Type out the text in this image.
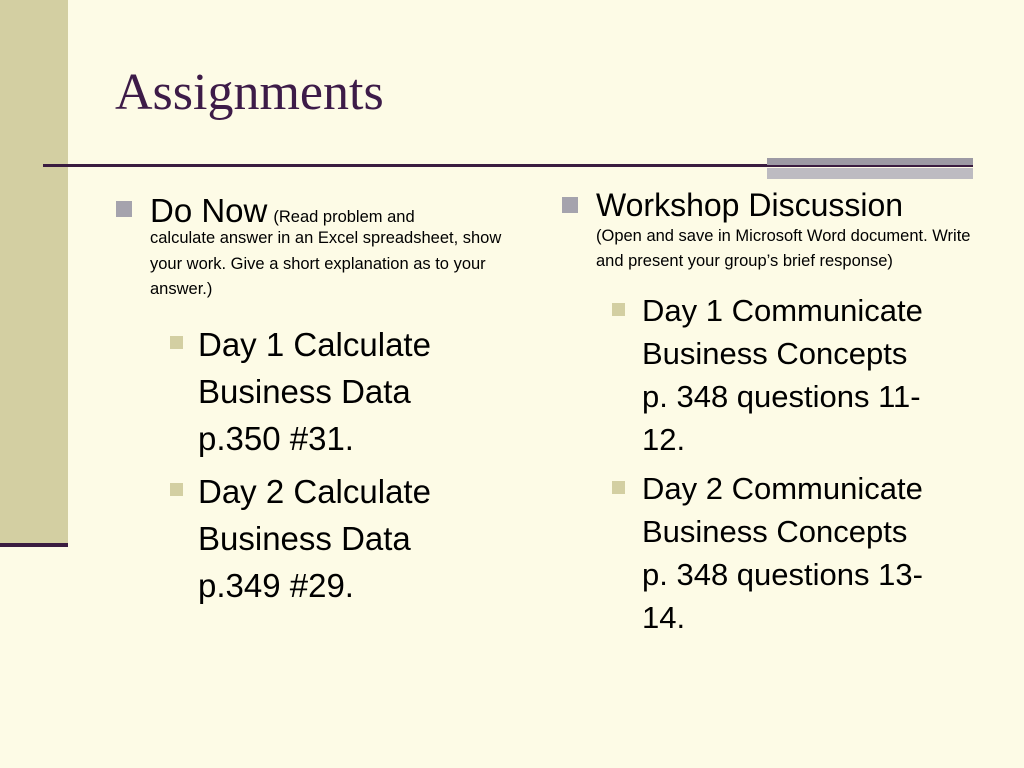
Assignments
Do Now (Read problem and
calculate answer in an Excel spreadsheet, show your work. Give a short explanation as to your answer.)
Day 1 Calculate
Business Data
p.350 #31.
Day 2 Calculate
Business Data
p.349 #29.
Workshop Discussion
(Open and save in Microsoft Word document. Write and present your group’s brief response)
Day 1 Communicate
Business Concepts
p. 348 questions 11-
12.
Day 2 Communicate
Business Concepts
p. 348 questions 13-
14.
